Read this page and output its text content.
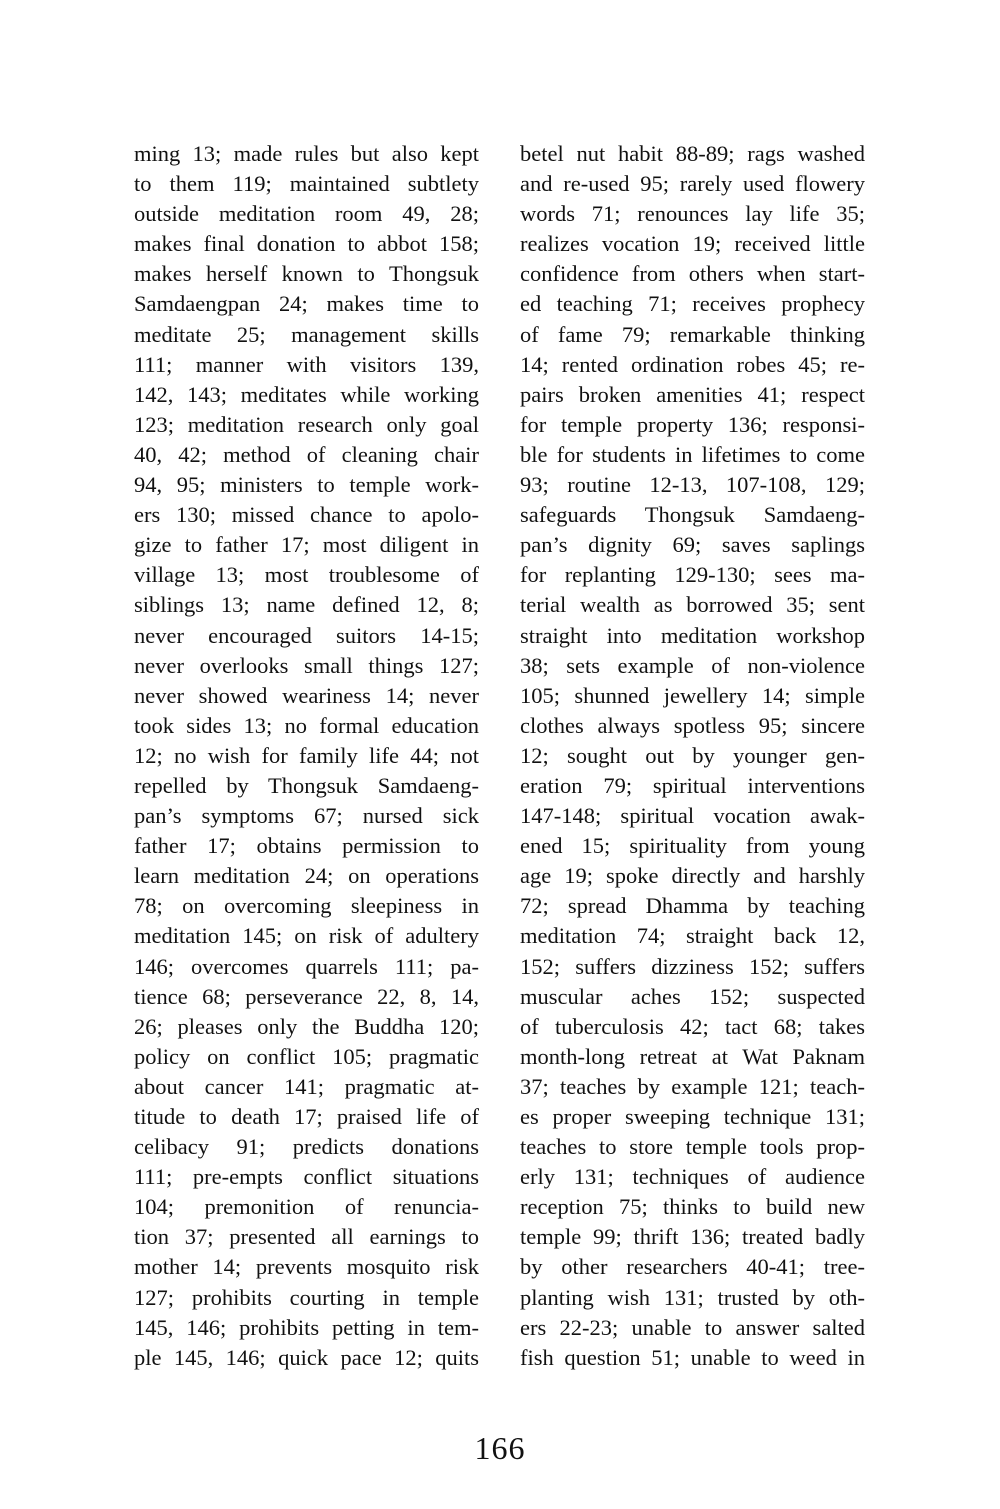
ming 13; made rules but also kept
to them 119; maintained subtlety
outside meditation room 49, 28;
makes final donation to abbot 158;
makes herself known to Thongsuk
Samdaengpan 24; makes time to
meditate 25; management skills
111; manner with visitors 139,
142, 143; meditates while working
123; meditation research only goal
40, 42; method of cleaning chair
94, 95; ministers to temple work-
ers 130; missed chance to apolo-
gize to father 17; most diligent in
village 13; most troublesome of
siblings 13; name defined 12, 8;
never encouraged suitors 14-15;
never overlooks small things 127;
never showed weariness 14; never
took sides 13; no formal education
12; no wish for family life 44; not
repelled by Thongsuk Samdaeng-
pan’s symptoms 67; nursed sick
father 17; obtains permission to
learn meditation 24; on operations
78; on overcoming sleepiness in
meditation 145; on risk of adultery
146; overcomes quarrels 111; pa-
tience 68; perseverance 22, 8, 14,
26; pleases only the Buddha 120;
policy on conflict 105; pragmatic
about cancer 141; pragmatic at-
titude to death 17; praised life of
celibacy 91; predicts donations
111; pre-empts conflict situations
104; premonition of renuncia-
tion 37; presented all earnings to
mother 14; prevents mosquito risk
127; prohibits courting in temple
145, 146; prohibits petting in tem-
ple 145, 146; quick pace 12; quits
betel nut habit 88-89; rags washed
and re-used 95; rarely used flowery
words 71; renounces lay life 35;
realizes vocation 19; received little
confidence from others when start-
ed teaching 71; receives prophecy
of fame 79; remarkable thinking
14; rented ordination robes 45; re-
pairs broken amenities 41; respect
for temple property 136; responsi-
ble for students in lifetimes to come
93; routine 12-13, 107-108, 129;
safeguards Thongsuk Samdaeng-
pan’s dignity 69; saves saplings
for replanting 129-130; sees ma-
terial wealth as borrowed 35; sent
straight into meditation workshop
38; sets example of non-violence
105; shunned jewellery 14; simple
clothes always spotless 95; sincere
12; sought out by younger gen-
eration 79; spiritual interventions
147-148; spiritual vocation awak-
ened 15; spirituality from young
age 19; spoke directly and harshly
72; spread Dhamma by teaching
meditation 74; straight back 12,
152; suffers dizziness 152; suffers
muscular aches 152; suspected
of tuberculosis 42; tact 68; takes
month-long retreat at Wat Paknam
37; teaches by example 121; teach-
es proper sweeping technique 131;
teaches to store temple tools prop-
erly 131; techniques of audience
reception 75; thinks to build new
temple 99; thrift 136; treated badly
by other researchers 40-41; tree-
planting wish 131; trusted by oth-
ers 22-23; unable to answer salted
fish question 51; unable to weed in
166
